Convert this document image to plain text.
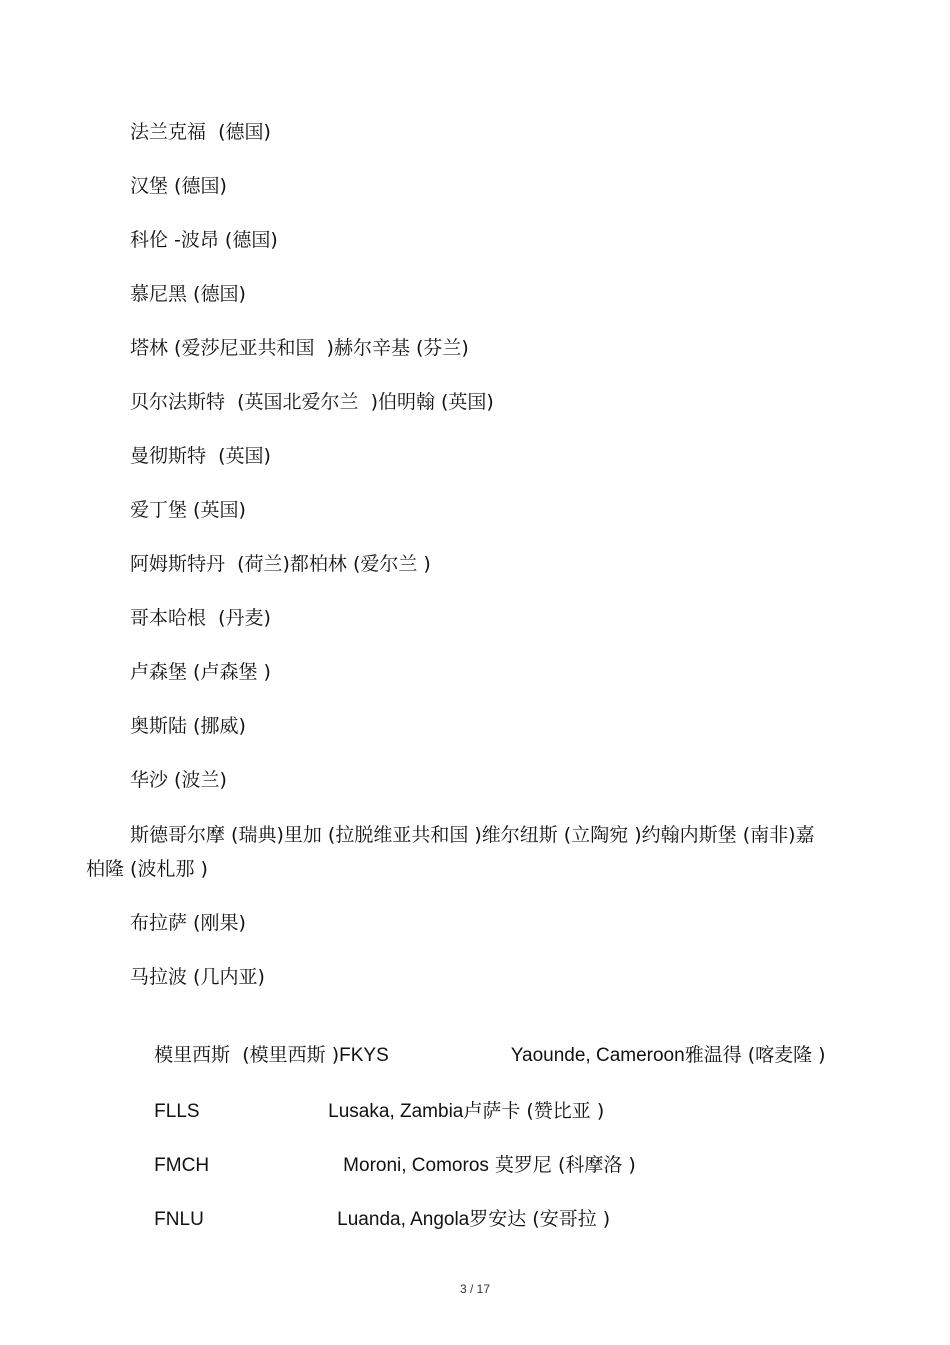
法兰克福  (德国)
汉堡 (德国)
科伦 -波昂 (德国)
慕尼黑 (德国)
塔林 (爱莎尼亚共和国  )赫尔辛基 (芬兰)
贝尔法斯特  (英国北爱尔兰  )伯明翰 (英国)
曼彻斯特  (英国)
爱丁堡 (英国)
阿姆斯特丹  (荷兰)都柏林 (爱尔兰 )
哥本哈根  (丹麦)
卢森堡 (卢森堡 )
奥斯陆 (挪威)
华沙 (波兰)
斯德哥尔摩 (瑞典)里加 (拉脱维亚共和国 )维尔纽斯 (立陶宛 )约翰内斯堡 (南非)嘉柏隆 (波札那 )
布拉萨 (刚果)
马拉波 (几内亚)

模里西斯  (模里西斯 )FKYS	Yaounde, Cameroon雅温得 (喀麦隆 )

FLLS	Lusaka, Zambia卢萨卡 (赞比亚 )

FMCH	Moroni, Comoros 莫罗尼 (科摩洛 )

FNLU	Luanda, Angola罗安达 (安哥拉 )

3 / 17
